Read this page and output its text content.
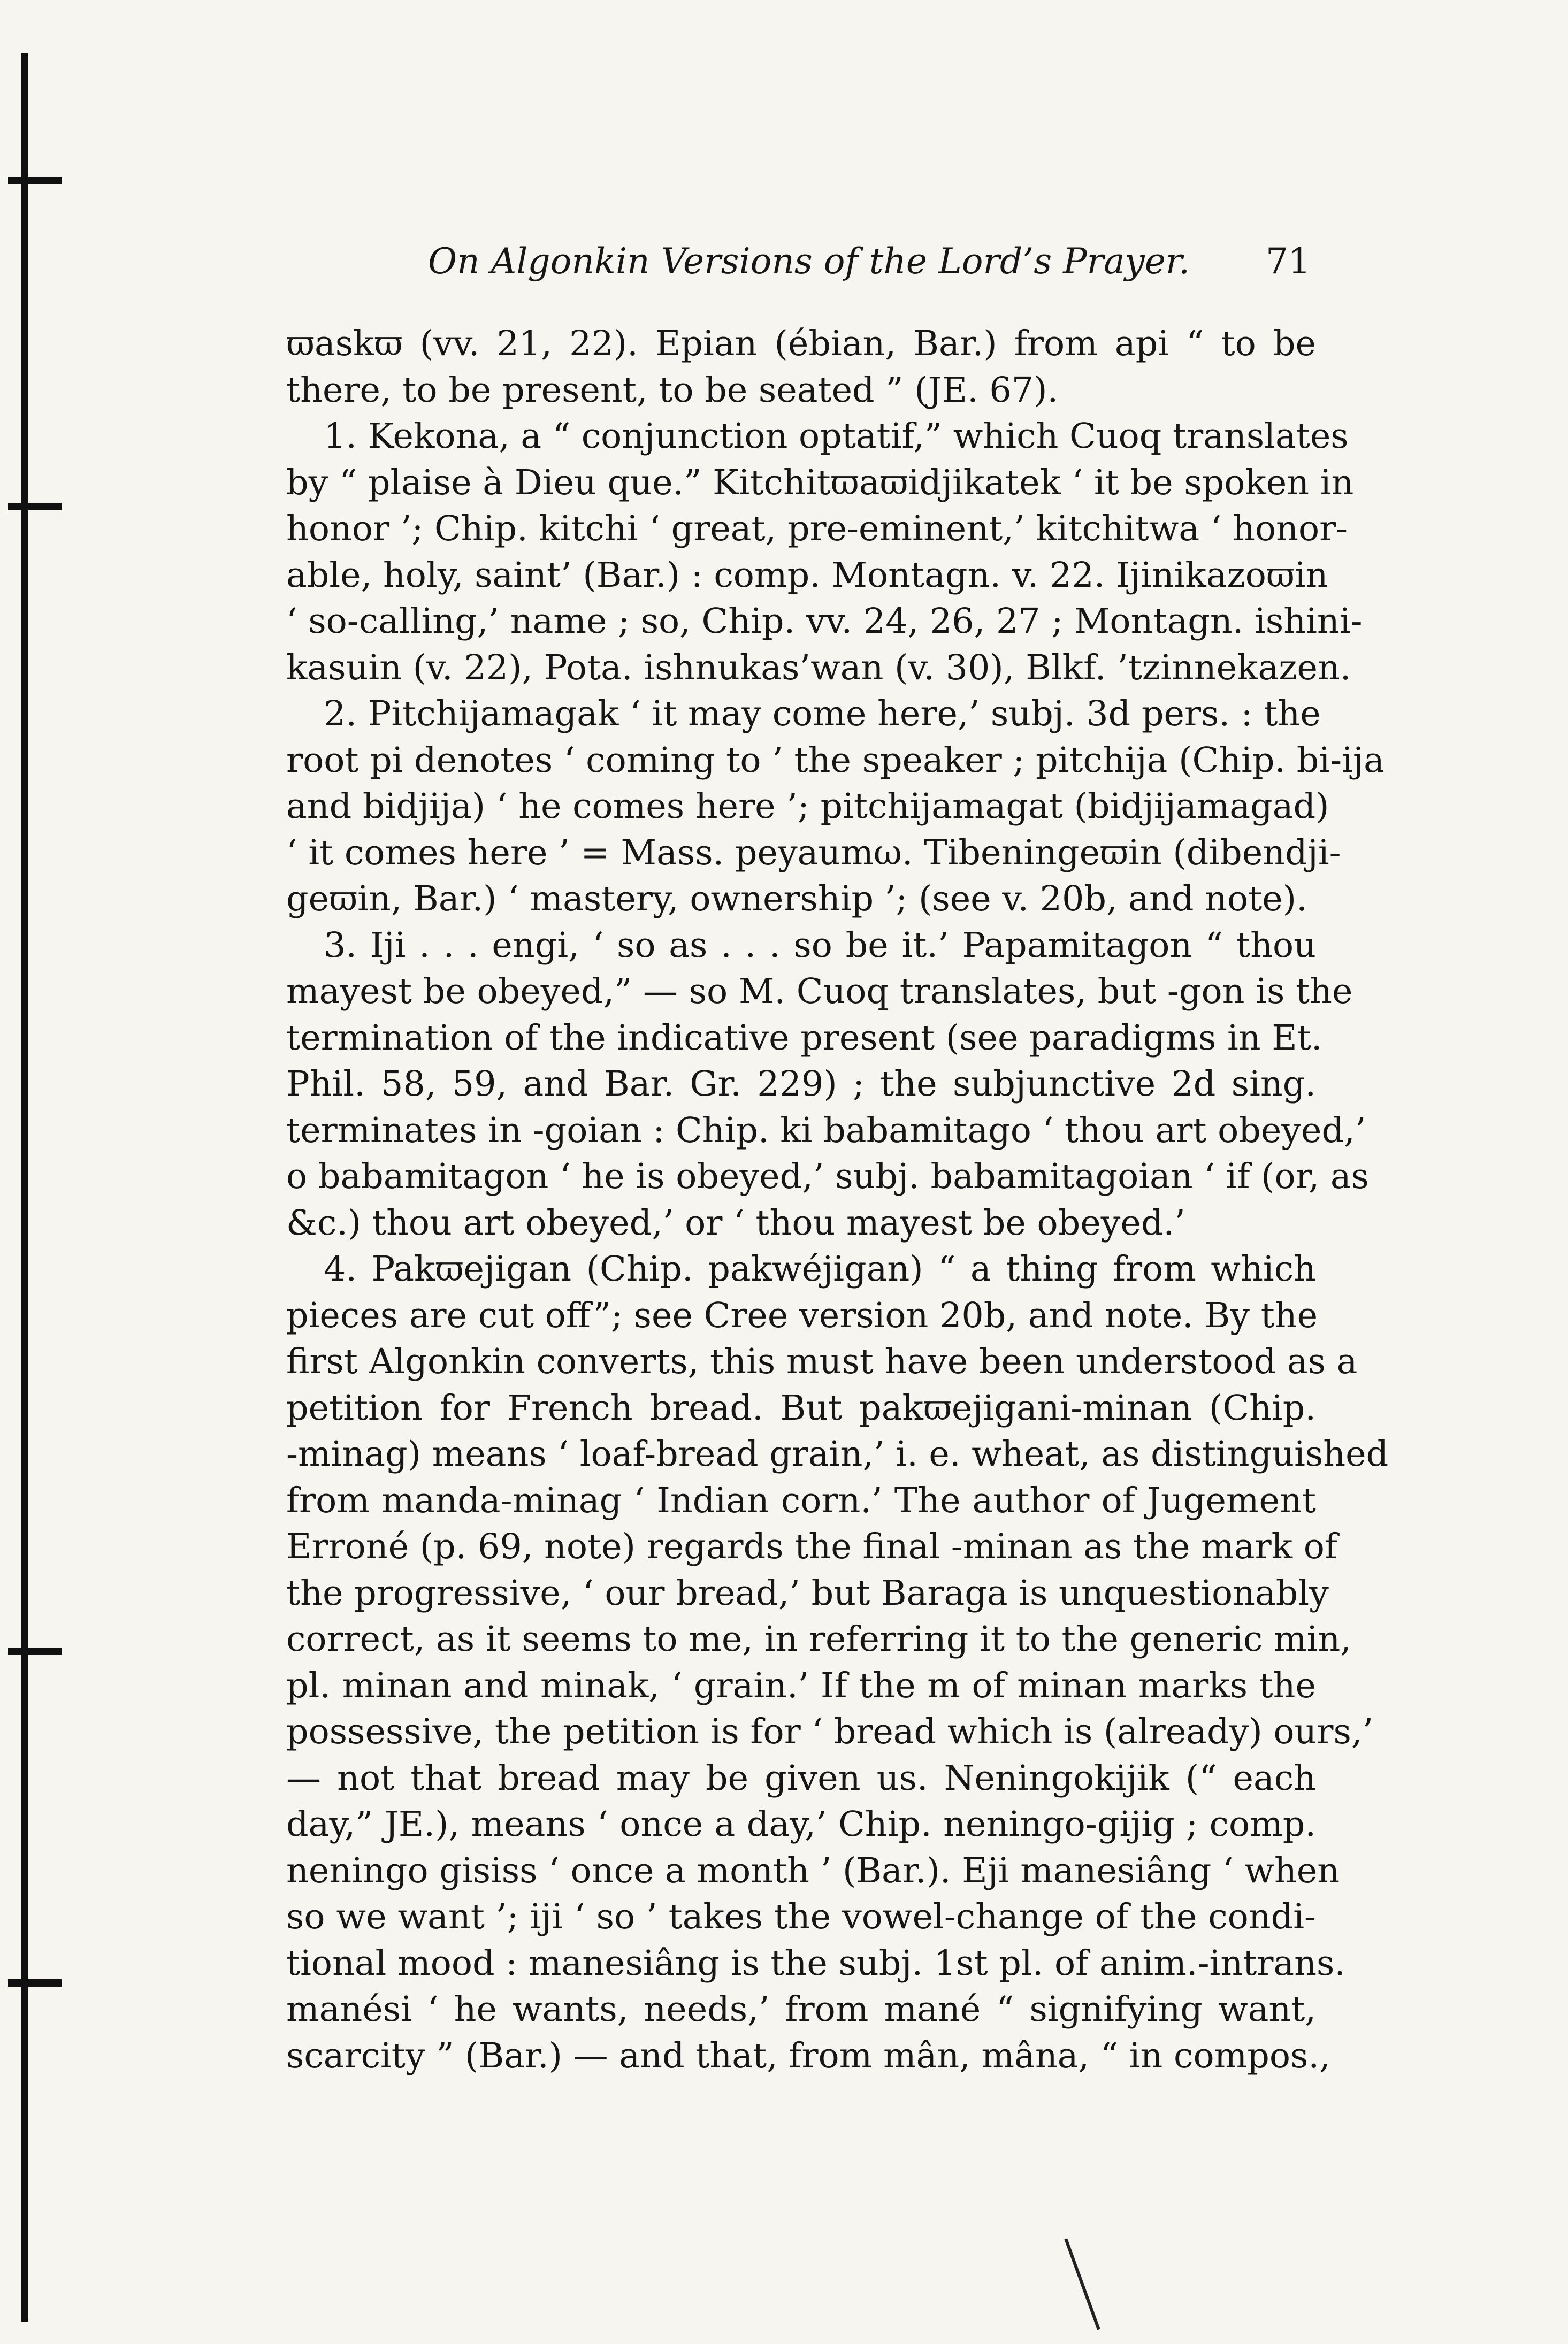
On Algonkin Versions of the Lord’s Prayer. 71
ϖaskϖ (vv. 21, 22). Epian (ébian, Bar.) from api “ to be
there, to be present, to be seated ” (JE. 67).
1. Kekona, a “ conjunction optatif,” which Cuoq translates
by “ plaise à Dieu que.” Kitchitϖaϖidjikatek ‘ it be spoken in
honor ’; Chip. kitchi ‘ great, pre-eminent,’ kitchitwa ‘ honor-
able, holy, saint’ (Bar.) : comp. Montagn. v. 22. Ijinikazoϖin
‘ so-calling,’ name ; so, Chip. vv. 24, 26, 27 ; Montagn. ishini-
kasuin (v. 22), Pota. ishnukas’wan (v. 30), Blkf. ’tzinnekazen.
2. Pitchijamagak ‘ it may come here,’ subj. 3d pers. : the
root pi denotes ‘ coming to ’ the speaker ; pitchija (Chip. bi-ija
and bidjija) ‘ he comes here ’; pitchijamagat (bidjijamagad)
‘ it comes here ’ = Mass. peyaumω. Tibeningeϖin (dibendji-
geϖin, Bar.) ‘ mastery, ownership ’; (see v. 20b, and note).
3. Iji . . . engi, ‘ so as . . . so be it.’ Papamitagon “ thou
mayest be obeyed,” — so M. Cuoq translates, but -gon is the
termination of the indicative present (see paradigms in Et.
Phil. 58, 59, and Bar. Gr. 229) ; the subjunctive 2d sing.
terminates in -goian : Chip. ki babamitago ‘ thou art obeyed,’
o babamitagon ‘ he is obeyed,’ subj. babamitagoian ‘ if (or, as
&c.) thou art obeyed,’ or ‘ thou mayest be obeyed.’
4. Pakϖejigan (Chip. pakwéjigan) “ a thing from which
pieces are cut off”; see Cree version 20b, and note. By the
first Algonkin converts, this must have been understood as a
petition for French bread. But pakϖejigani-minan (Chip.
-minag) means ‘ loaf-bread grain,’ i. e. wheat, as distinguished
from manda-minag ‘ Indian corn.’ The author of Jugement
Erroné (p. 69, note) regards the final -minan as the mark of
the progressive, ‘ our bread,’ but Baraga is unquestionably
correct, as it seems to me, in referring it to the generic min,
pl. minan and minak, ‘ grain.’ If the m of minan marks the
possessive, the petition is for ‘ bread which is (already) ours,’
— not that bread may be given us. Neningokijik (“ each
day,” JE.), means ‘ once a day,’ Chip. neningo-gijig ; comp.
neningo gisiss ‘ once a month ’ (Bar.). Eji manesiâng ‘ when
so we want ’; iji ‘ so ’ takes the vowel-change of the condi-
tional mood : manesiâng is the subj. 1st pl. of anim.-intrans.
manési ‘ he wants, needs,’ from mané “ signifying want,
scarcity ” (Bar.) — and that, from mân, mâna, “ in compos.,
